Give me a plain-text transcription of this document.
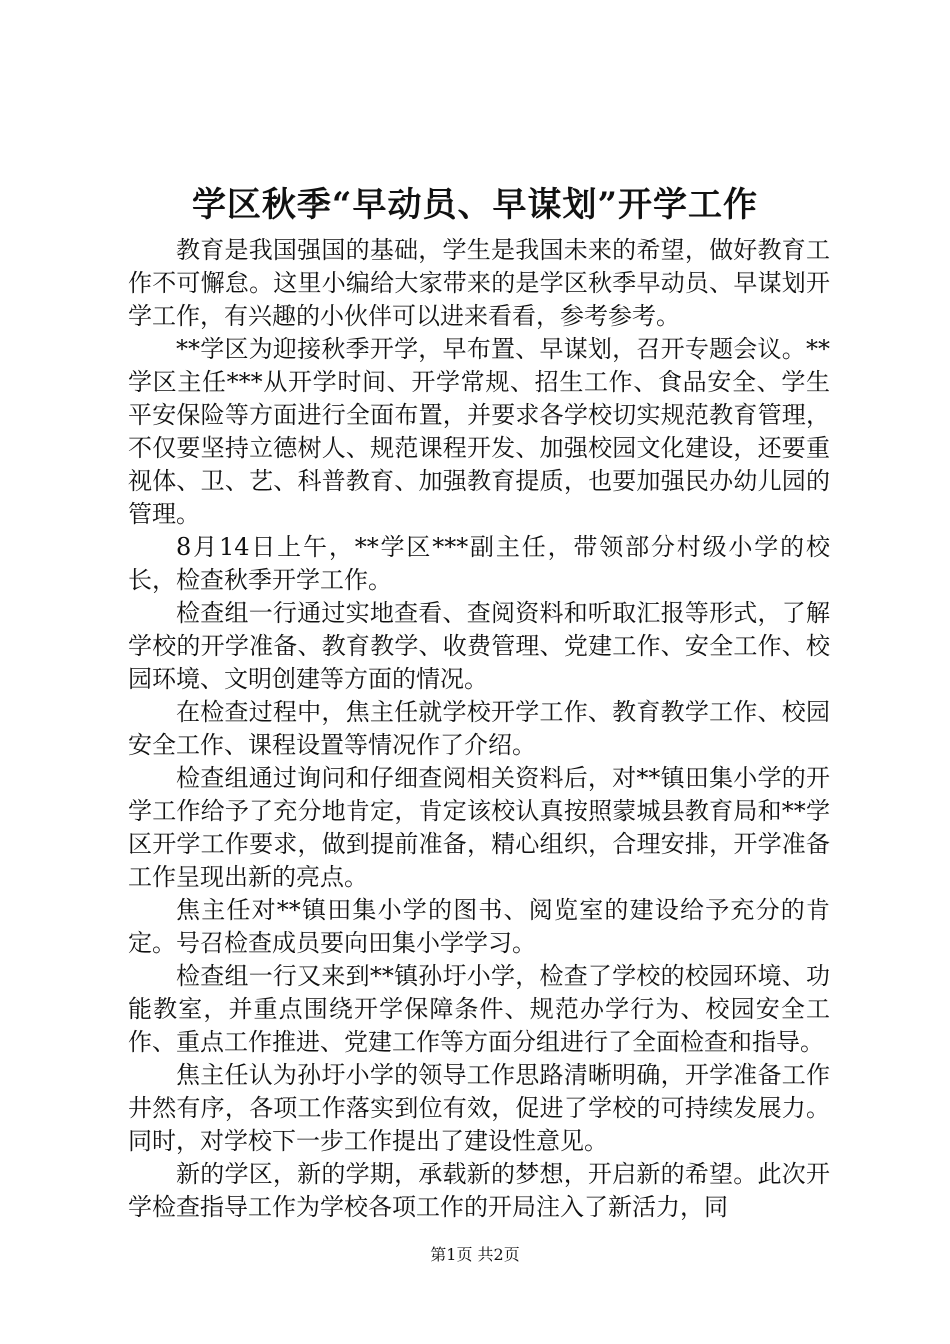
学区秋季“早动员、早谋划”开学工作

教育是我国强国的基础，学生是我国未来的希望，做好教育工作不可懈怠。这里小编给大家带来的是学区秋季早动员、早谋划开学工作，有兴趣的小伙伴可以进来看看，参考参考。

**学区为迎接秋季开学，早布置、早谋划，召开专题会议。**学区主任***从开学时间、开学常规、招生工作、食品安全、学生平安保险等方面进行全面布置，并要求各学校切实规范教育管理，不仅要坚持立德树人、规范课程开发、加强校园文化建设，还要重视体、卫、艺、科普教育、加强教育提质，也要加强民办幼儿园的管理。

8月14日上午，**学区***副主任，带领部分村级小学的校长，检查秋季开学工作。

检查组一行通过实地查看、查阅资料和听取汇报等形式，了解学校的开学准备、教育教学、收费管理、党建工作、安全工作、校园环境、文明创建等方面的情况。

在检查过程中，焦主任就学校开学工作、教育教学工作、校园安全工作、课程设置等情况作了介绍。

检查组通过询问和仔细查阅相关资料后，对**镇田集小学的开学工作给予了充分地肯定，肯定该校认真按照蒙城县教育局和**学区开学工作要求，做到提前准备，精心组织，合理安排，开学准备工作呈现出新的亮点。

焦主任对**镇田集小学的图书、阅览室的建设给予充分的肯定。号召检查成员要向田集小学学习。

检查组一行又来到**镇孙圩小学，检查了学校的校园环境、功能教室，并重点围绕开学保障条件、规范办学行为、校园安全工作、重点工作推进、党建工作等方面分组进行了全面检查和指导。

焦主任认为孙圩小学的领导工作思路清晰明确，开学准备工作井然有序，各项工作落实到位有效，促进了学校的可持续发展力。同时，对学校下一步工作提出了建设性意见。

新的学区，新的学期，承载新的梦想，开启新的希望。此次开学检查指导工作为学校各项工作的开局注入了新活力，同

第1页 共2页
